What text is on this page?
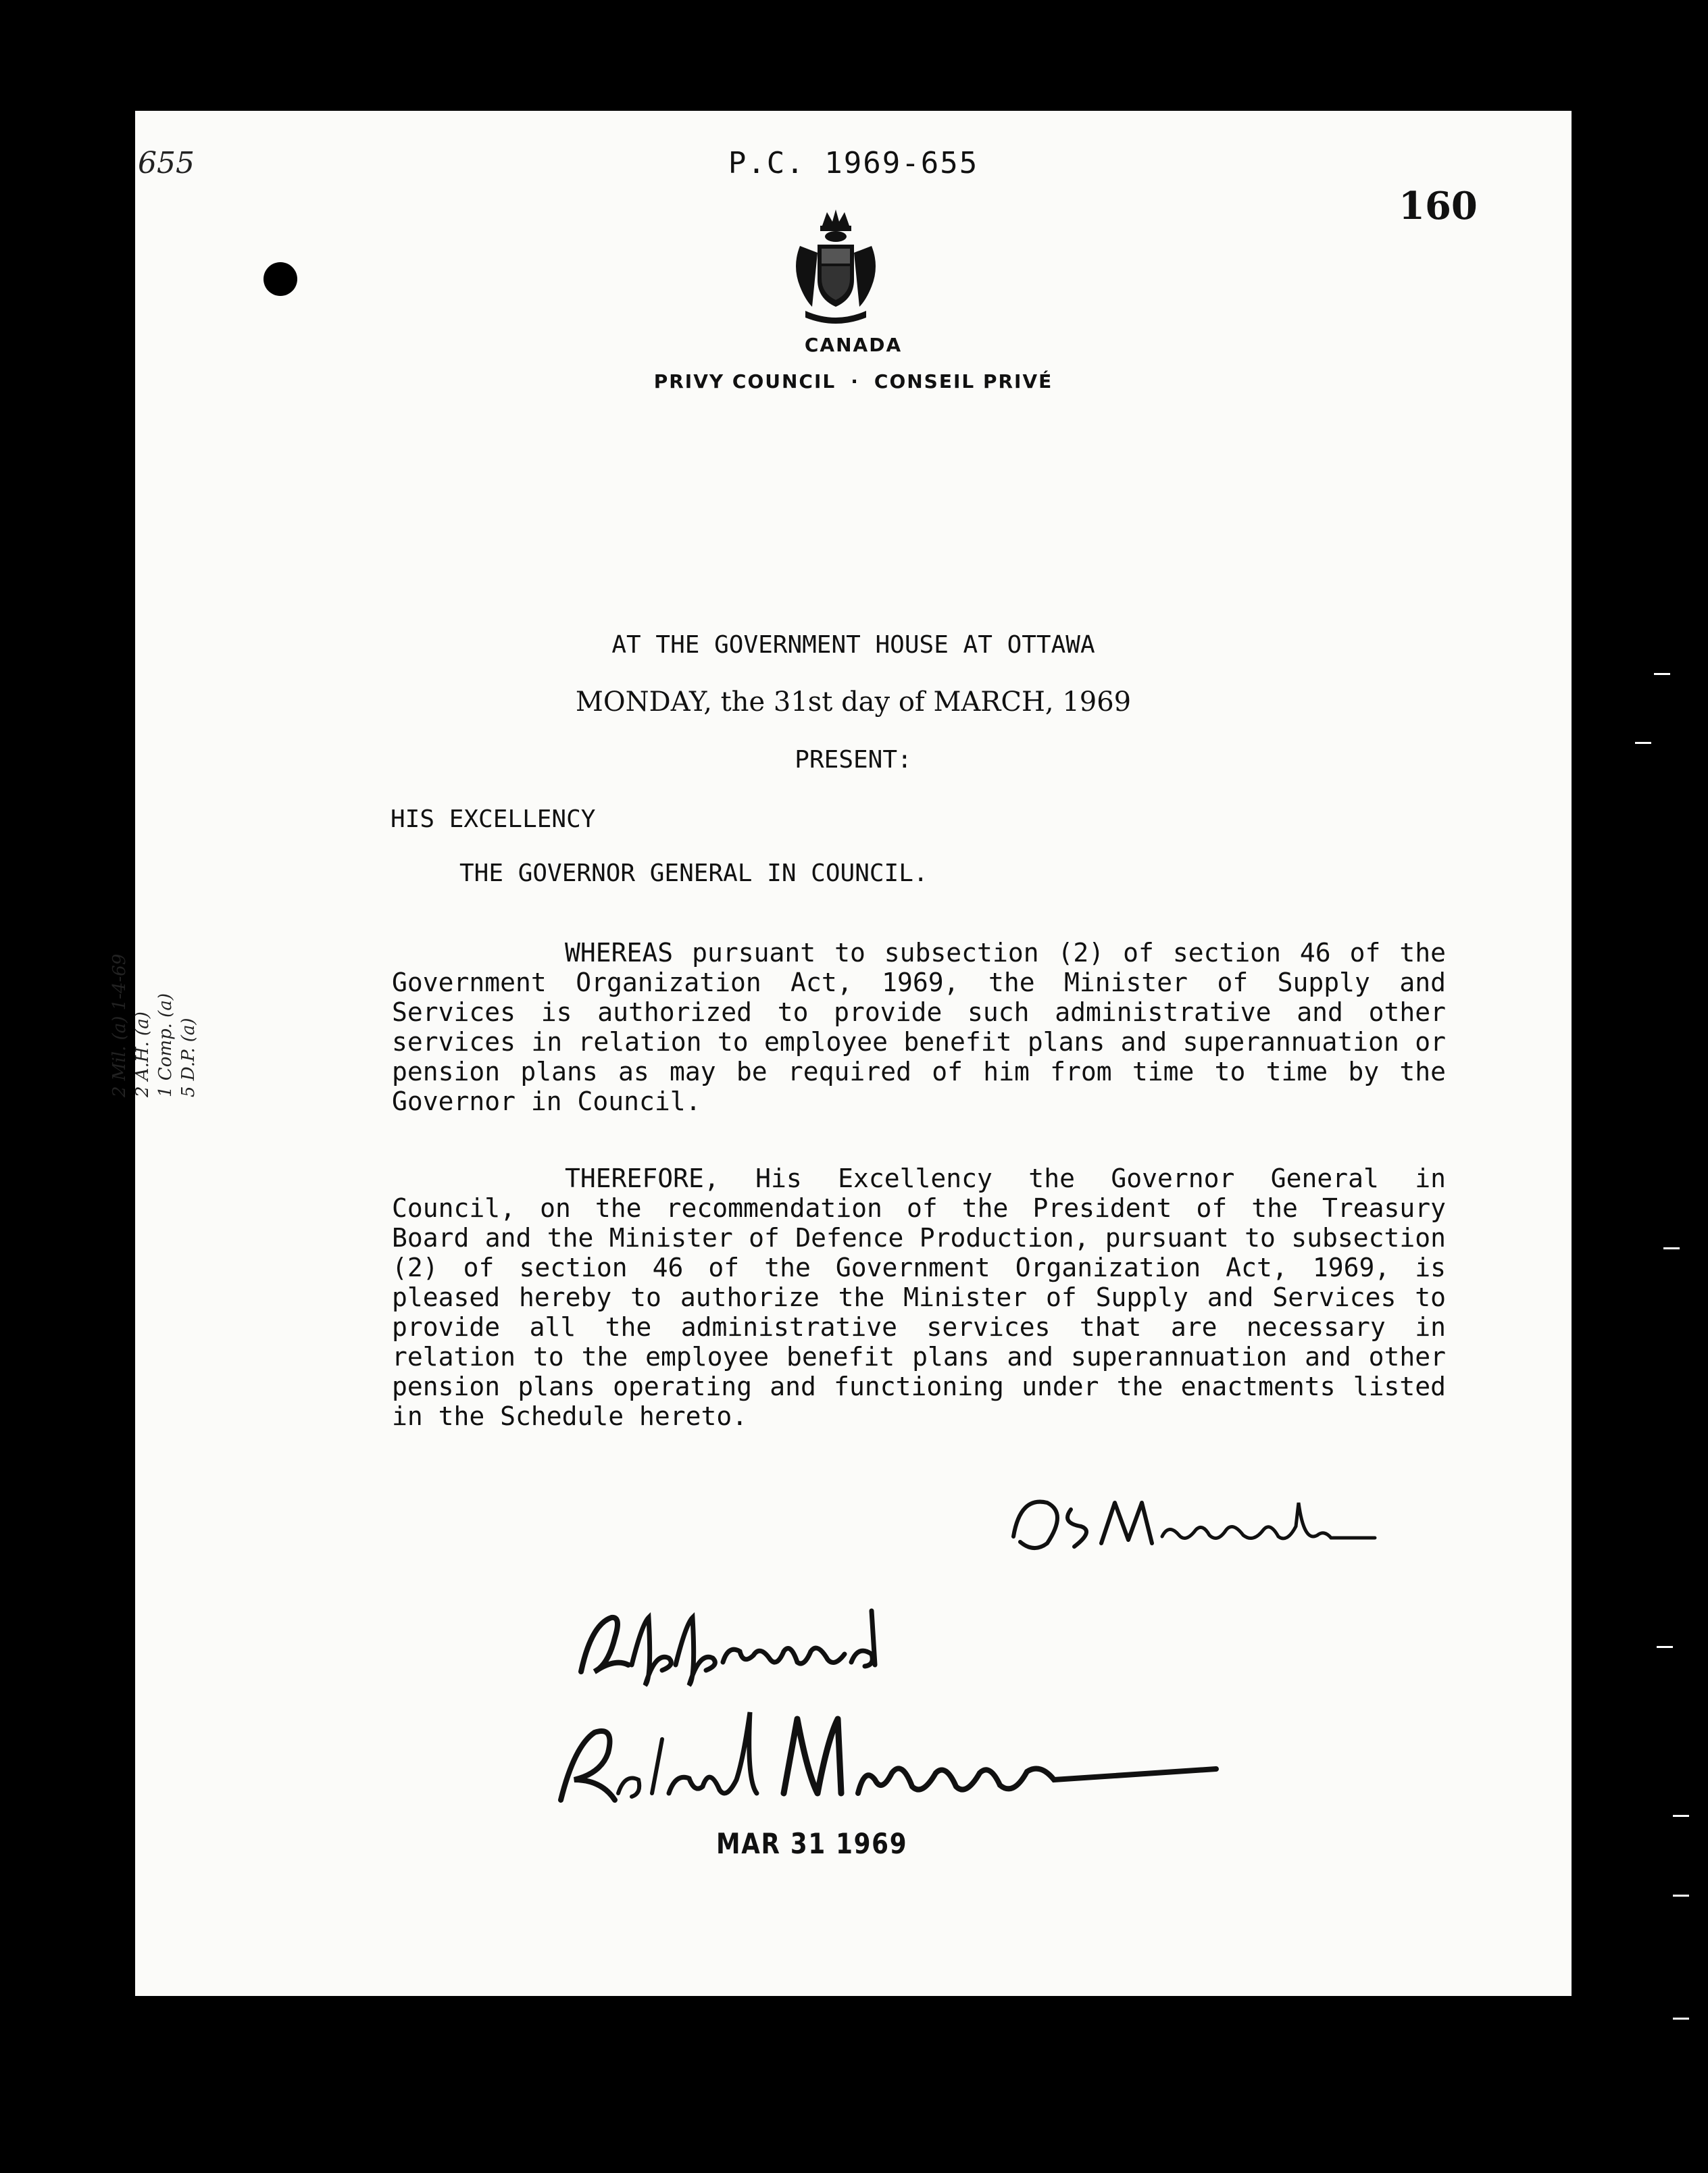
655	P.C. 1969-655
160
CANADA
PRIVY COUNCIL · CONSEIL PRIVÉ
AT THE GOVERNMENT HOUSE AT OTTAWA
MONDAY, the 31st day of MARCH, 1969
PRESENT:
HIS EXCELLENCY
THE GOVERNOR GENERAL IN COUNCIL.

WHEREAS pursuant to subsection (2) of section 46 of the Government Organization Act, 1969, the Minister of Supply and Services is authorized to provide such administrative and other services in relation to employee benefit plans and superannuation or pension plans as may be required of him from time to time by the Governor in Council.

THEREFORE, His Excellency the Governor General in Council, on the recommendation of the President of the Treasury Board and the Minister of Defence Production, pursuant to subsection (2) of section 46 of the Government Organization Act, 1969, is pleased hereby to authorize the Minister of Supply and Services to provide all the administrative services that are necessary in relation to the employee benefit plans and superannuation and other pension plans operating and functioning under the enactments listed in the Schedule hereto.

2 Mil. (a) 1-4-69 2 A.H. (a) 1 Comp. (a) 5 D.P. (a)
MAR 31 1969
